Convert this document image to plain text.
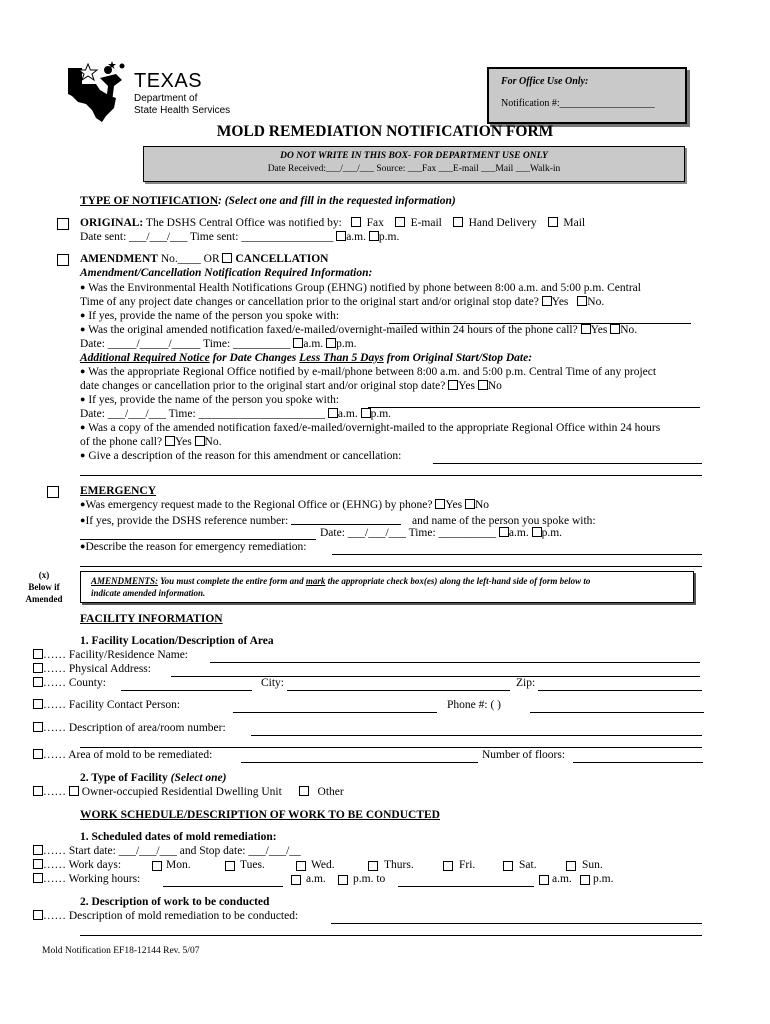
TEXAS
Department of
State Health Services
For Office Use Only:
Notification #:___________________
MOLD REMEDIATION NOTIFICATION FORM
DO NOT WRITE IN THIS BOX- FOR DEPARTMENT USE ONLY
Date Received:___/___/___ Source: ___Fax ___E-mail ___Mail ___Walk-in
TYPE OF NOTIFICATION: (Select one and fill in the requested information)
ORIGINAL: The DSHS Central Office was notified by: Fax E-mail Hand Delivery Mail
Date sent: ___/___/___ Time sent: ________________ a.m. p.m.
AMENDMENT No.____ OR CANCELLATION
Amendment/Cancellation Notification Required Information:
● Was the Environmental Health Notifications Group (EHNG) notified by phone between 8:00 a.m. and 5:00 p.m. Central
Time of any project date changes or cancellation prior to the original start and/or original stop date? Yes No.
● If yes, provide the name of the person you spoke with:
● Was the original amended notification faxed/e-mailed/overnight-mailed within 24 hours of the phone call? Yes No.
Date: _____/_____/_____ Time: __________ a.m. p.m.
Additional Required Notice for Date Changes Less Than 5 Days from Original Start/Stop Date:
● Was the appropriate Regional Office notified by e-mail/phone between 8:00 a.m. and 5:00 p.m. Central Time of any project
date changes or cancellation prior to the original start and/or original stop date? Yes No
● If yes, provide the name of the person you spoke with:
Date: ___/___/___ Time: ______________________ a.m. p.m.
● Was a copy of the amended notification faxed/e-mailed/overnight-mailed to the appropriate Regional Office within 24 hours
of the phone call? Yes No.
● Give a description of the reason for this amendment or cancellation:
EMERGENCY
●Was emergency request made to the Regional Office or (EHNG) by phone? Yes No
●If yes, provide the DSHS reference number:	and name of the person you spoke with:
Date: ___/___/___ Time: __________ a.m. p.m.
●Describe the reason for emergency remediation:
(x)
Below if
Amended
AMENDMENTS: You must complete the entire form and mark the appropriate check box(es) along the left-hand side of form below to
indicate amended information.
FACILITY INFORMATION
1. Facility Location/Description of Area
…… Facility/Residence Name:
…… Physical Address:
…… County:	City:	Zip:
…… Facility Contact Person:	Phone #: ( )
…… Description of area/room number:
…… Area of mold to be remediated:	Number of floors:
2. Type of Facility (Select one)
…… Owner-occupied Residential Dwelling Unit	Other
WORK SCHEDULE/DESCRIPTION OF WORK TO BE CONDUCTED
1. Scheduled dates of mold remediation:
…… Start date: ___/___/___ and Stop date: ___/___/__
…… Work days:	Mon.	Tues.	Wed.	Thurs.	Fri.	Sat.	Sun.
…… Working hours:	a.m. p.m. to	a.m. p.m.
2. Description of work to be conducted
…… Description of mold remediation to be conducted:
Mold Notification EF18-12144 Rev. 5/07
